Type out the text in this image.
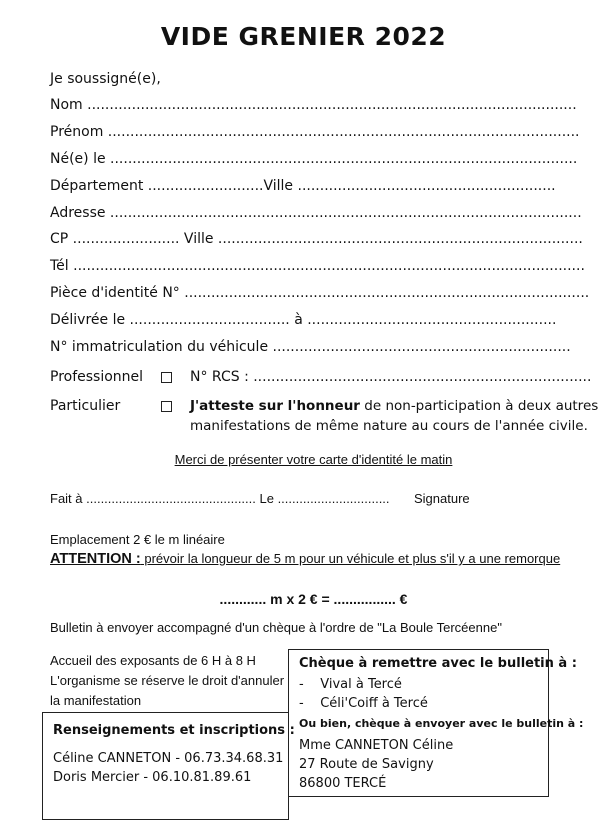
VIDE GRENIER 2022
Je soussigné(e),
Nom ..............................................................................................................
Prénom ..........................................................................................................
Né(e) le .........................................................................................................
Département ..........................Ville ..........................................................
Adresse ..........................................................................................................
CP ........................ Ville ..................................................................................
Tél ...................................................................................................................
Pièce d'identité N° ...........................................................................................
Délivrée le .................................... à ........................................................
N° immatriculation du véhicule ...................................................................
Professionnel	N° RCS : ............................................................................
Particulier	J'atteste sur l'honneur de non-participation à deux autres
manifestations de même nature au cours de l'année civile.
Merci de présenter votre carte d'identité le matin
Fait à ............................................... Le ............................... Signature
Emplacement 2 € le m linéaire
ATTENTION : prévoir la longueur de 5 m pour un véhicule et plus s'il y a une remorque
............ m x 2 € = ................ €
Bulletin à envoyer accompagné d'un chèque à l'ordre de "La Boule Tercéenne"
Accueil des exposants de 6 H à 8 H
L'organisme se réserve le droit d'annuler
la manifestation
Chèque à remettre avec le bulletin à :
-    Vival à Tercé
-    Céli'Coiff à Tercé
Ou bien, chèque à envoyer avec le bulletin à :
Mme CANNETON Céline
27 Route de Savigny
86800 TERCÉ
Renseignements et inscriptions :
Céline CANNETON - 06.73.34.68.31
Doris Mercier - 06.10.81.89.61
